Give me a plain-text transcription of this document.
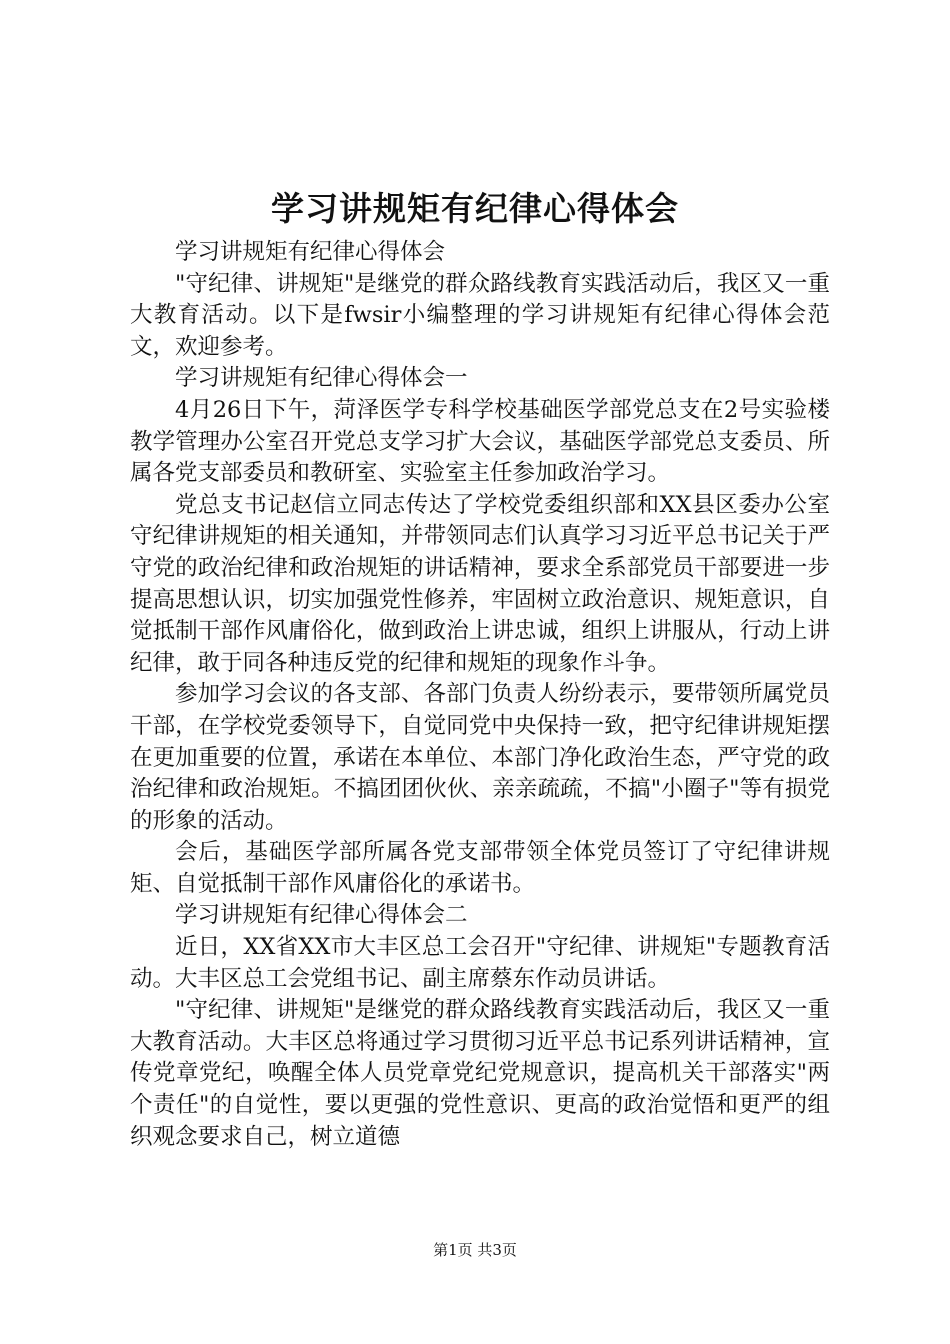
学习讲规矩有纪律心得体会

学习讲规矩有纪律心得体会

"守纪律、讲规矩"是继党的群众路线教育实践活动后，我区又一重大教育活动。以下是fwsir小编整理的学习讲规矩有纪律心得体会范文，欢迎参考。

学习讲规矩有纪律心得体会一

4月26日下午，菏泽医学专科学校基础医学部党总支在2号实验楼教学管理办公室召开党总支学习扩大会议，基础医学部党总支委员、所属各党支部委员和教研室、实验室主任参加政治学习。

党总支书记赵信立同志传达了学校党委组织部和XX县区委办公室守纪律讲规矩的相关通知，并带领同志们认真学习习近平总书记关于严守党的政治纪律和政治规矩的讲话精神，要求全系部党员干部要进一步提高思想认识，切实加强党性修养，牢固树立政治意识、规矩意识，自觉抵制干部作风庸俗化，做到政治上讲忠诚，组织上讲服从，行动上讲纪律，敢于同各种违反党的纪律和规矩的现象作斗争。

参加学习会议的各支部、各部门负责人纷纷表示，要带领所属党员干部，在学校党委领导下，自觉同党中央保持一致，把守纪律讲规矩摆在更加重要的位置，承诺在本单位、本部门净化政治生态，严守党的政治纪律和政治规矩。不搞团团伙伙、亲亲疏疏，不搞"小圈子"等有损党的形象的活动。

会后，基础医学部所属各党支部带领全体党员签订了守纪律讲规矩、自觉抵制干部作风庸俗化的承诺书。

学习讲规矩有纪律心得体会二

近日，XX省XX市大丰区总工会召开"守纪律、讲规矩"专题教育活动。大丰区总工会党组书记、副主席蔡东作动员讲话。

"守纪律、讲规矩"是继党的群众路线教育实践活动后，我区又一重大教育活动。大丰区总将通过学习贯彻习近平总书记系列讲话精神，宣传党章党纪，唤醒全体人员党章党纪党规意识，提高机关干部落实"两个责任"的自觉性，要以更强的党性意识、更高的政治觉悟和更严的组织观念要求自己，树立道德

第1页 共3页
